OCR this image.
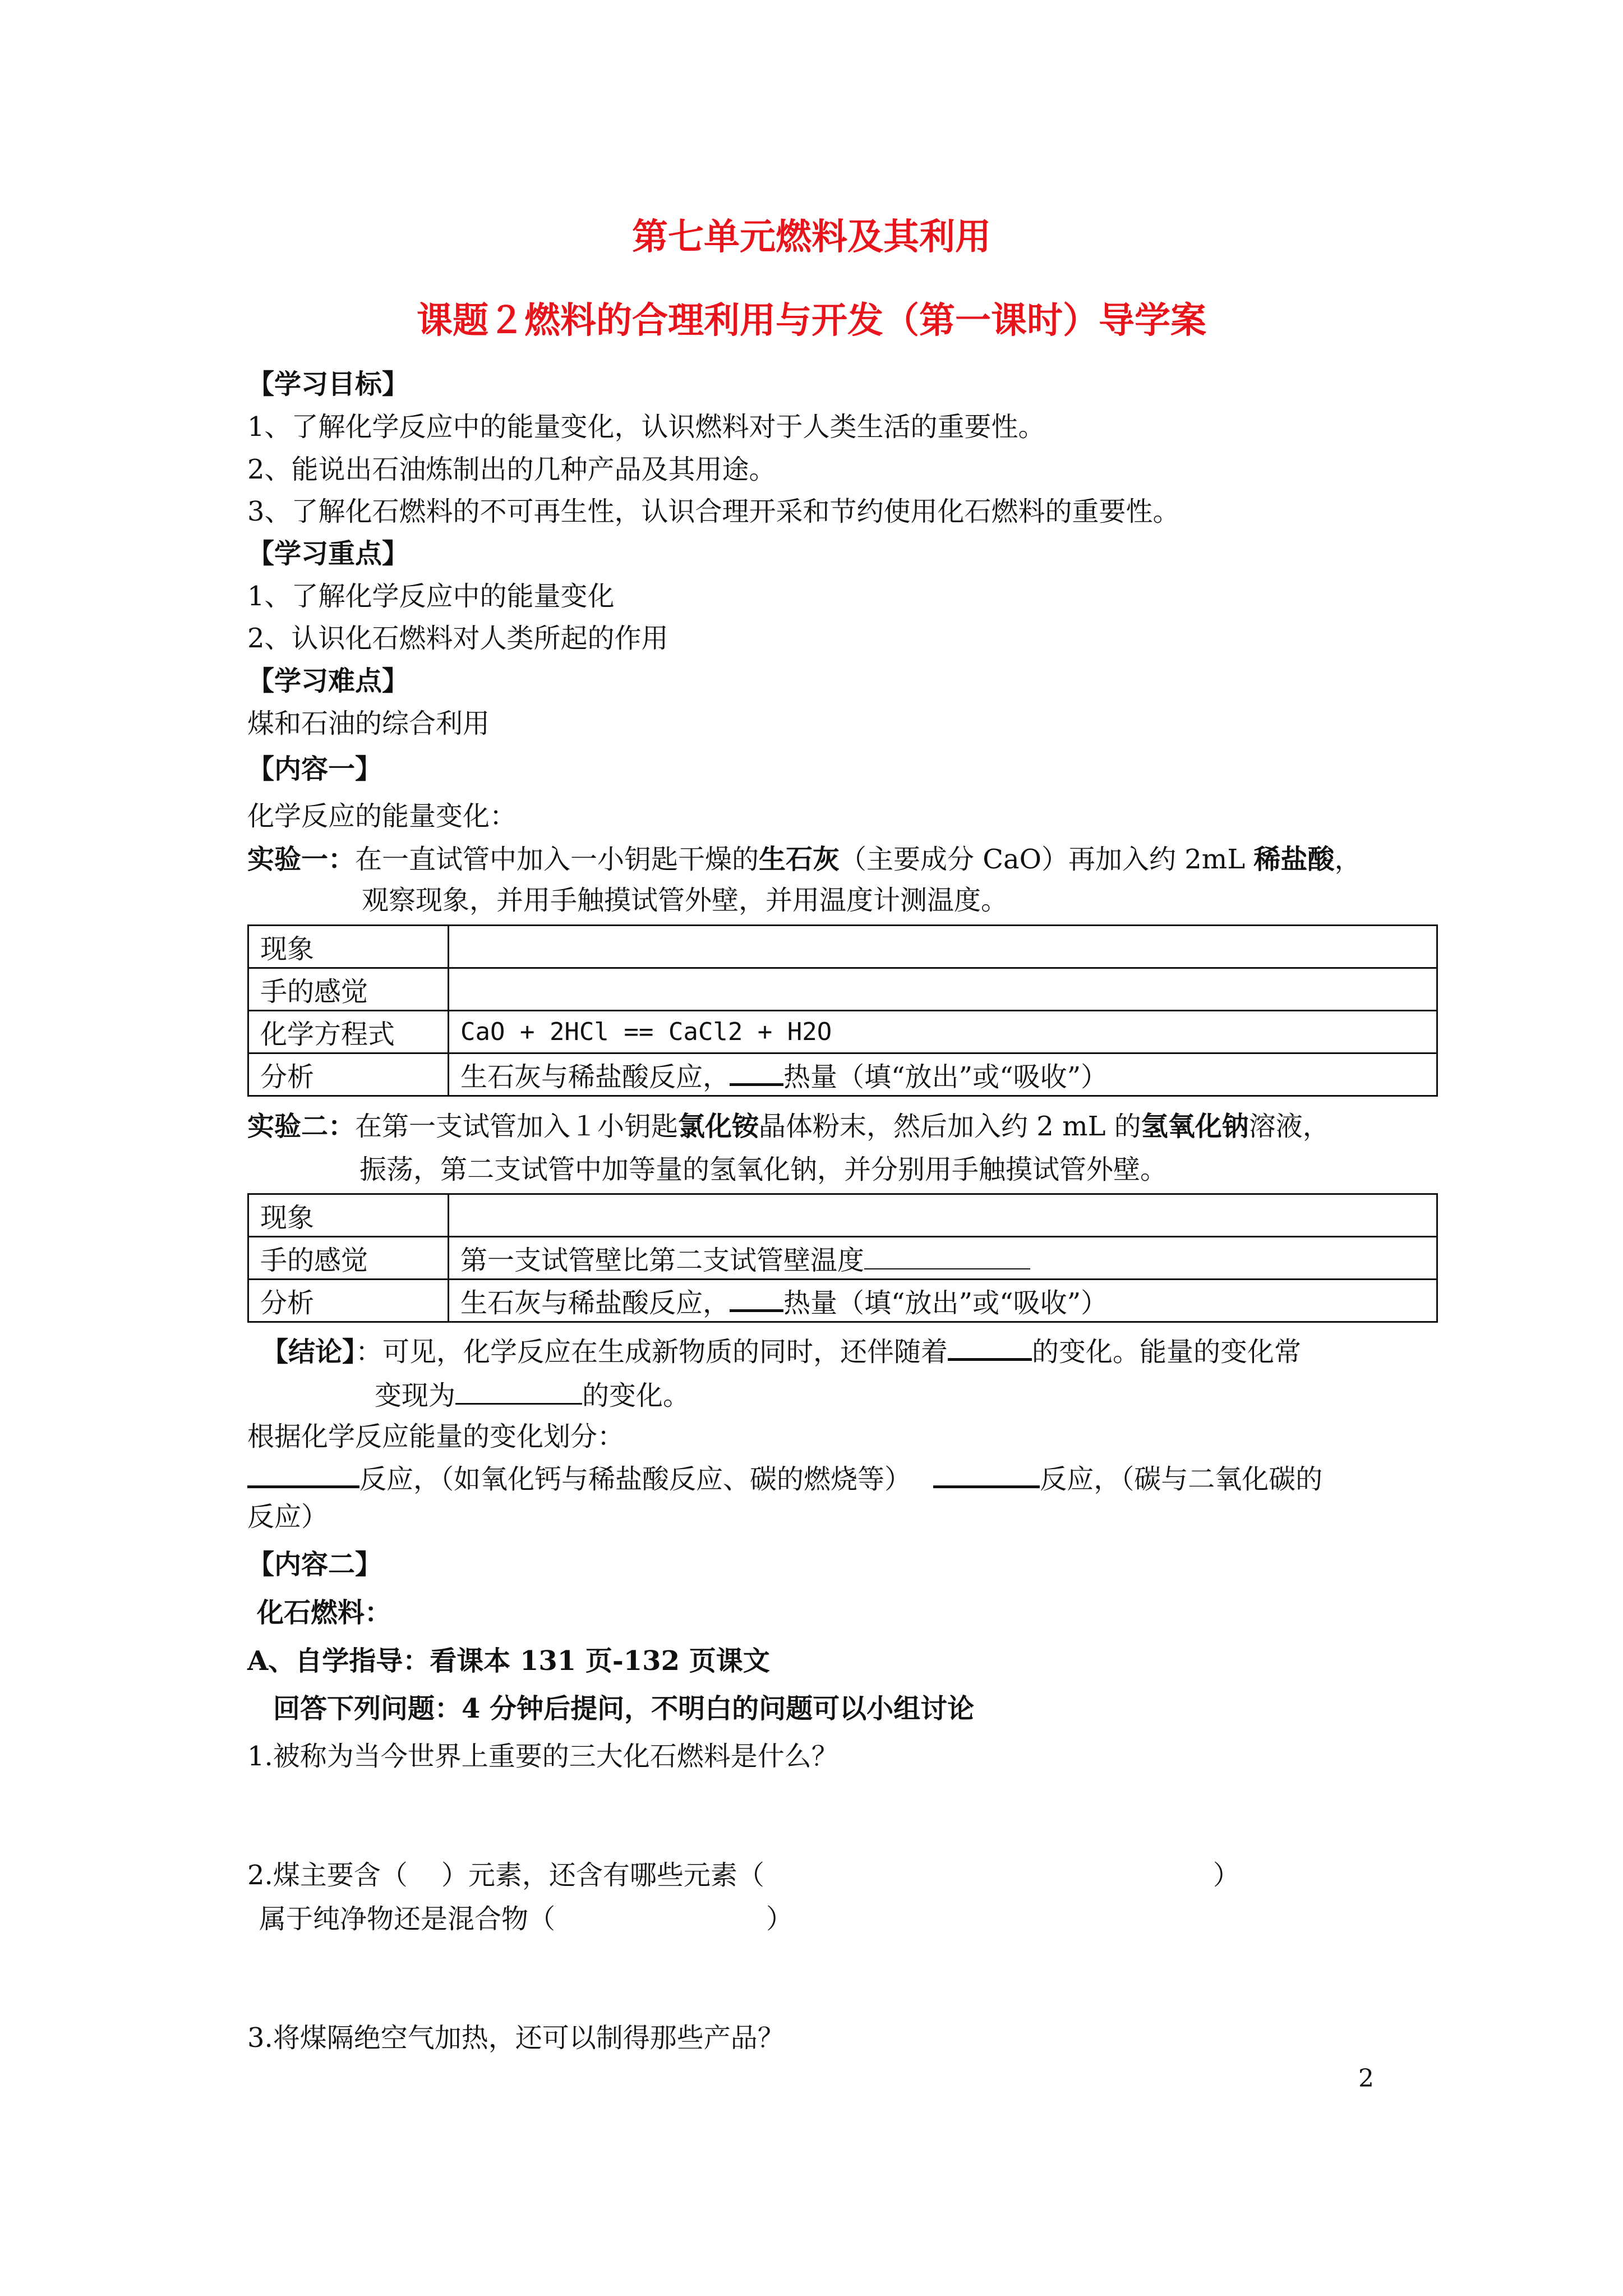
第七单元燃料及其利用
课题２燃料的合理利用与开发（第一课时）导学案
【学习目标】
1、了解化学反应中的能量变化，认识燃料对于人类生活的重要性。
2、能说出石油炼制出的几种产品及其用途。
3、了解化石燃料的不可再生性，认识合理开采和节约使用化石燃料的重要性。
【学习重点】
1、了解化学反应中的能量变化
2、认识化石燃料对人类所起的作用
【学习难点】
煤和石油的综合利用
【内容一】
化学反应的能量变化：
实验一：在一直试管中加入一小钥匙干燥的生石灰（主要成分 CaO）再加入约 2mL 稀盐酸，
观察现象，并用手触摸试管外壁，并用温度计测温度。
现象	
手的感觉	
化学方程式	CaO + 2HCl == CaCl2 + H2O
分析	生石灰与稀盐酸反应， 热量（填“放出”或“吸收”）
实验二：在第一支试管加入１小钥匙氯化铵晶体粉末，然后加入约 2 mL 的氢氧化钠溶液，
振荡，第二支试管中加等量的氢氧化钠，并分别用手触摸试管外壁。
现象	
手的感觉	第一支试管壁比第二支试管壁温度
分析	生石灰与稀盐酸反应， 热量（填“放出”或“吸收”）
【结论】：可见，化学反应在生成新物质的同时，还伴随着	的变化。能量的变化常
变现为	的变化。
根据化学反应能量的变化划分：
反应，（如氧化钙与稀盐酸反应、碳的燃烧等）	反应，（碳与二氧化碳的
反应）
【内容二】
化石燃料：
A、自学指导：看课本 131 页-132 页课文
回答下列问题：4 分钟后提问，不明白的问题可以小组讨论
1.被称为当今世界上重要的三大化石燃料是什么？
2.煤主要含（ ）元素，还含有哪些元素（	）
属于纯净物还是混合物（	）
3.将煤隔绝空气加热，还可以制得那些产品？
2
